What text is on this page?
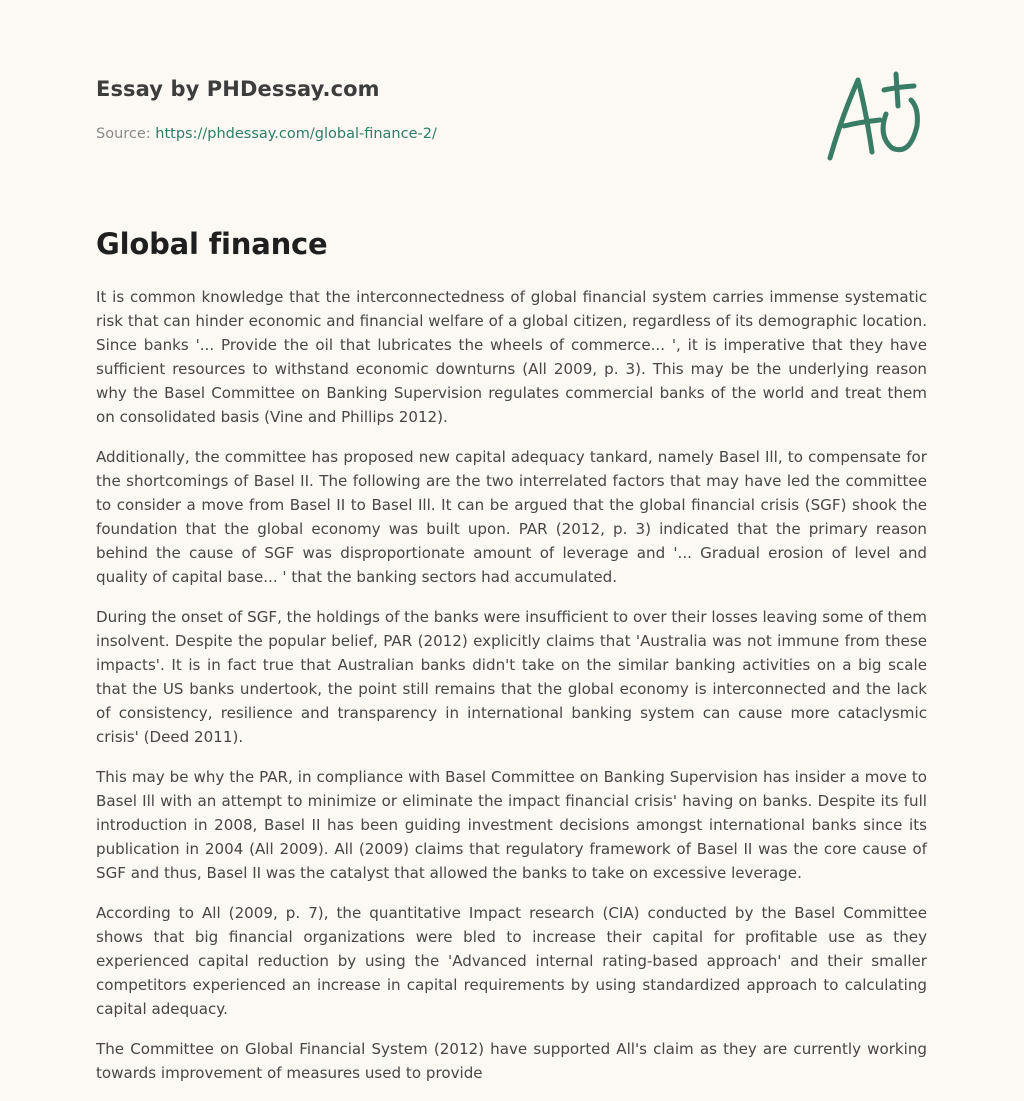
Essay by PHDessay.com
Source: https://phdessay.com/global-finance-2/
Global finance

It is common knowledge that the interconnectedness of global financial system carries immense systematic risk that can hinder economic and financial welfare of a global citizen, regardless of its demographic location. Since banks '... Provide the oil that lubricates the wheels of commerce... ', it is imperative that they have sufficient resources to withstand economic downturns (All 2009, p. 3). This may be the underlying reason why the Basel Committee on Banking Supervision regulates commercial banks of the world and treat them on consolidated basis (Vine and Phillips 2012).

Additionally, the committee has proposed new capital adequacy tankard, namely Basel Ill, to compensate for the shortcomings of Basel II. The following are the two interrelated factors that may have led the committee to consider a move from Basel II to Basel Ill. It can be argued that the global financial crisis (SGF) shook the foundation that the global economy was built upon. PAR (2012, p. 3) indicated that the primary reason behind the cause of SGF was disproportionate amount of leverage and '... Gradual erosion of level and quality of capital base... ' that the banking sectors had accumulated.

During the onset of SGF, the holdings of the banks were insufficient to over their losses leaving some of them insolvent. Despite the popular belief, PAR (2012) explicitly claims that 'Australia was not immune from these impacts'. It is in fact true that Australian banks didn't take on the similar banking activities on a big scale that the US banks undertook, the point still remains that the global economy is interconnected and the lack of consistency, resilience and transparency in international banking system can cause more cataclysmic crisis' (Deed 2011).

This may be why the PAR, in compliance with Basel Committee on Banking Supervision has insider a move to Basel Ill with an attempt to minimize or eliminate the impact financial crisis' having on banks. Despite its full introduction in 2008, Basel II has been guiding investment decisions amongst international banks since its publication in 2004 (All 2009). All (2009) claims that regulatory framework of Basel II was the core cause of SGF and thus, Basel II was the catalyst that allowed the banks to take on excessive leverage.

According to All (2009, p. 7), the quantitative Impact research (CIA) conducted by the Basel Committee shows that big financial organizations were bled to increase their capital for profitable use as they experienced capital reduction by using the 'Advanced internal rating-based approach' and their smaller competitors experienced an increase in capital requirements by using standardized approach to calculating capital adequacy.

The Committee on Global Financial System (2012) have supported All's claim as they are currently working towards improvement of measures used to provide
